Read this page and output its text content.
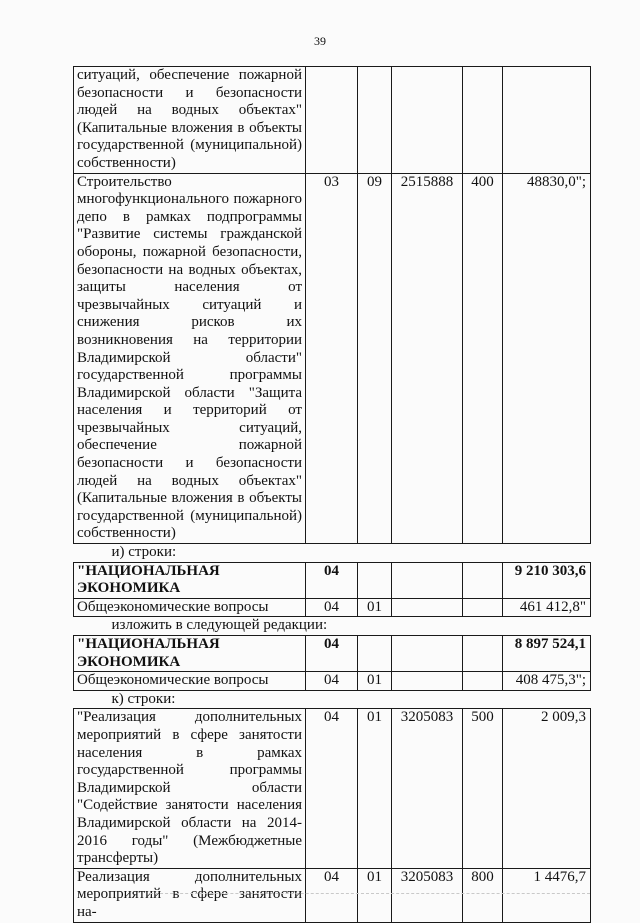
39
ситуаций, обеспечение пожарной безопасности и безопасности людей на водных объектах" (Капитальные вложения в объекты государственной (муниципальной) собственности)					
Строительство многофункционального пожарного депо в рамках подпрограммы "Развитие системы гражданской обороны, пожарной безопасности, безопасности на водных объектах, защиты населения от чрезвычайных ситуаций и снижения рисков их возникновения на территории Владимирской области" государственной программы Владимирской области "Защита населения и территорий от чрезвычайных ситуаций, обеспечение пожарной безопасности и безопасности людей на водных объектах" (Капитальные вложения в объекты государственной (муниципальной) собственности)	03	09	2515888	400	48830,0";
и) строки:					
"НАЦИОНАЛЬНАЯ ЭКОНОМИКА	04				9 210 303,6
Общеэкономические вопросы	04	01			461 412,8"
изложить в следующей редакции:					
"НАЦИОНАЛЬНАЯ ЭКОНОМИКА	04				8 897 524,1
Общеэкономические вопросы	04	01			408 475,3";
к) строки:					
"Реализация дополнительных мероприятий в сфере занятости населения в рамках государственной программы Владимирской области "Содействие занятости населения Владимирской области на 2014-2016 годы" (Межбюджетные трансферты)	04	01	3205083	500	2 009,3
Реализация дополнительных мероприятий в сфере занятости на-	04	01	3205083	800	1 4476,7
